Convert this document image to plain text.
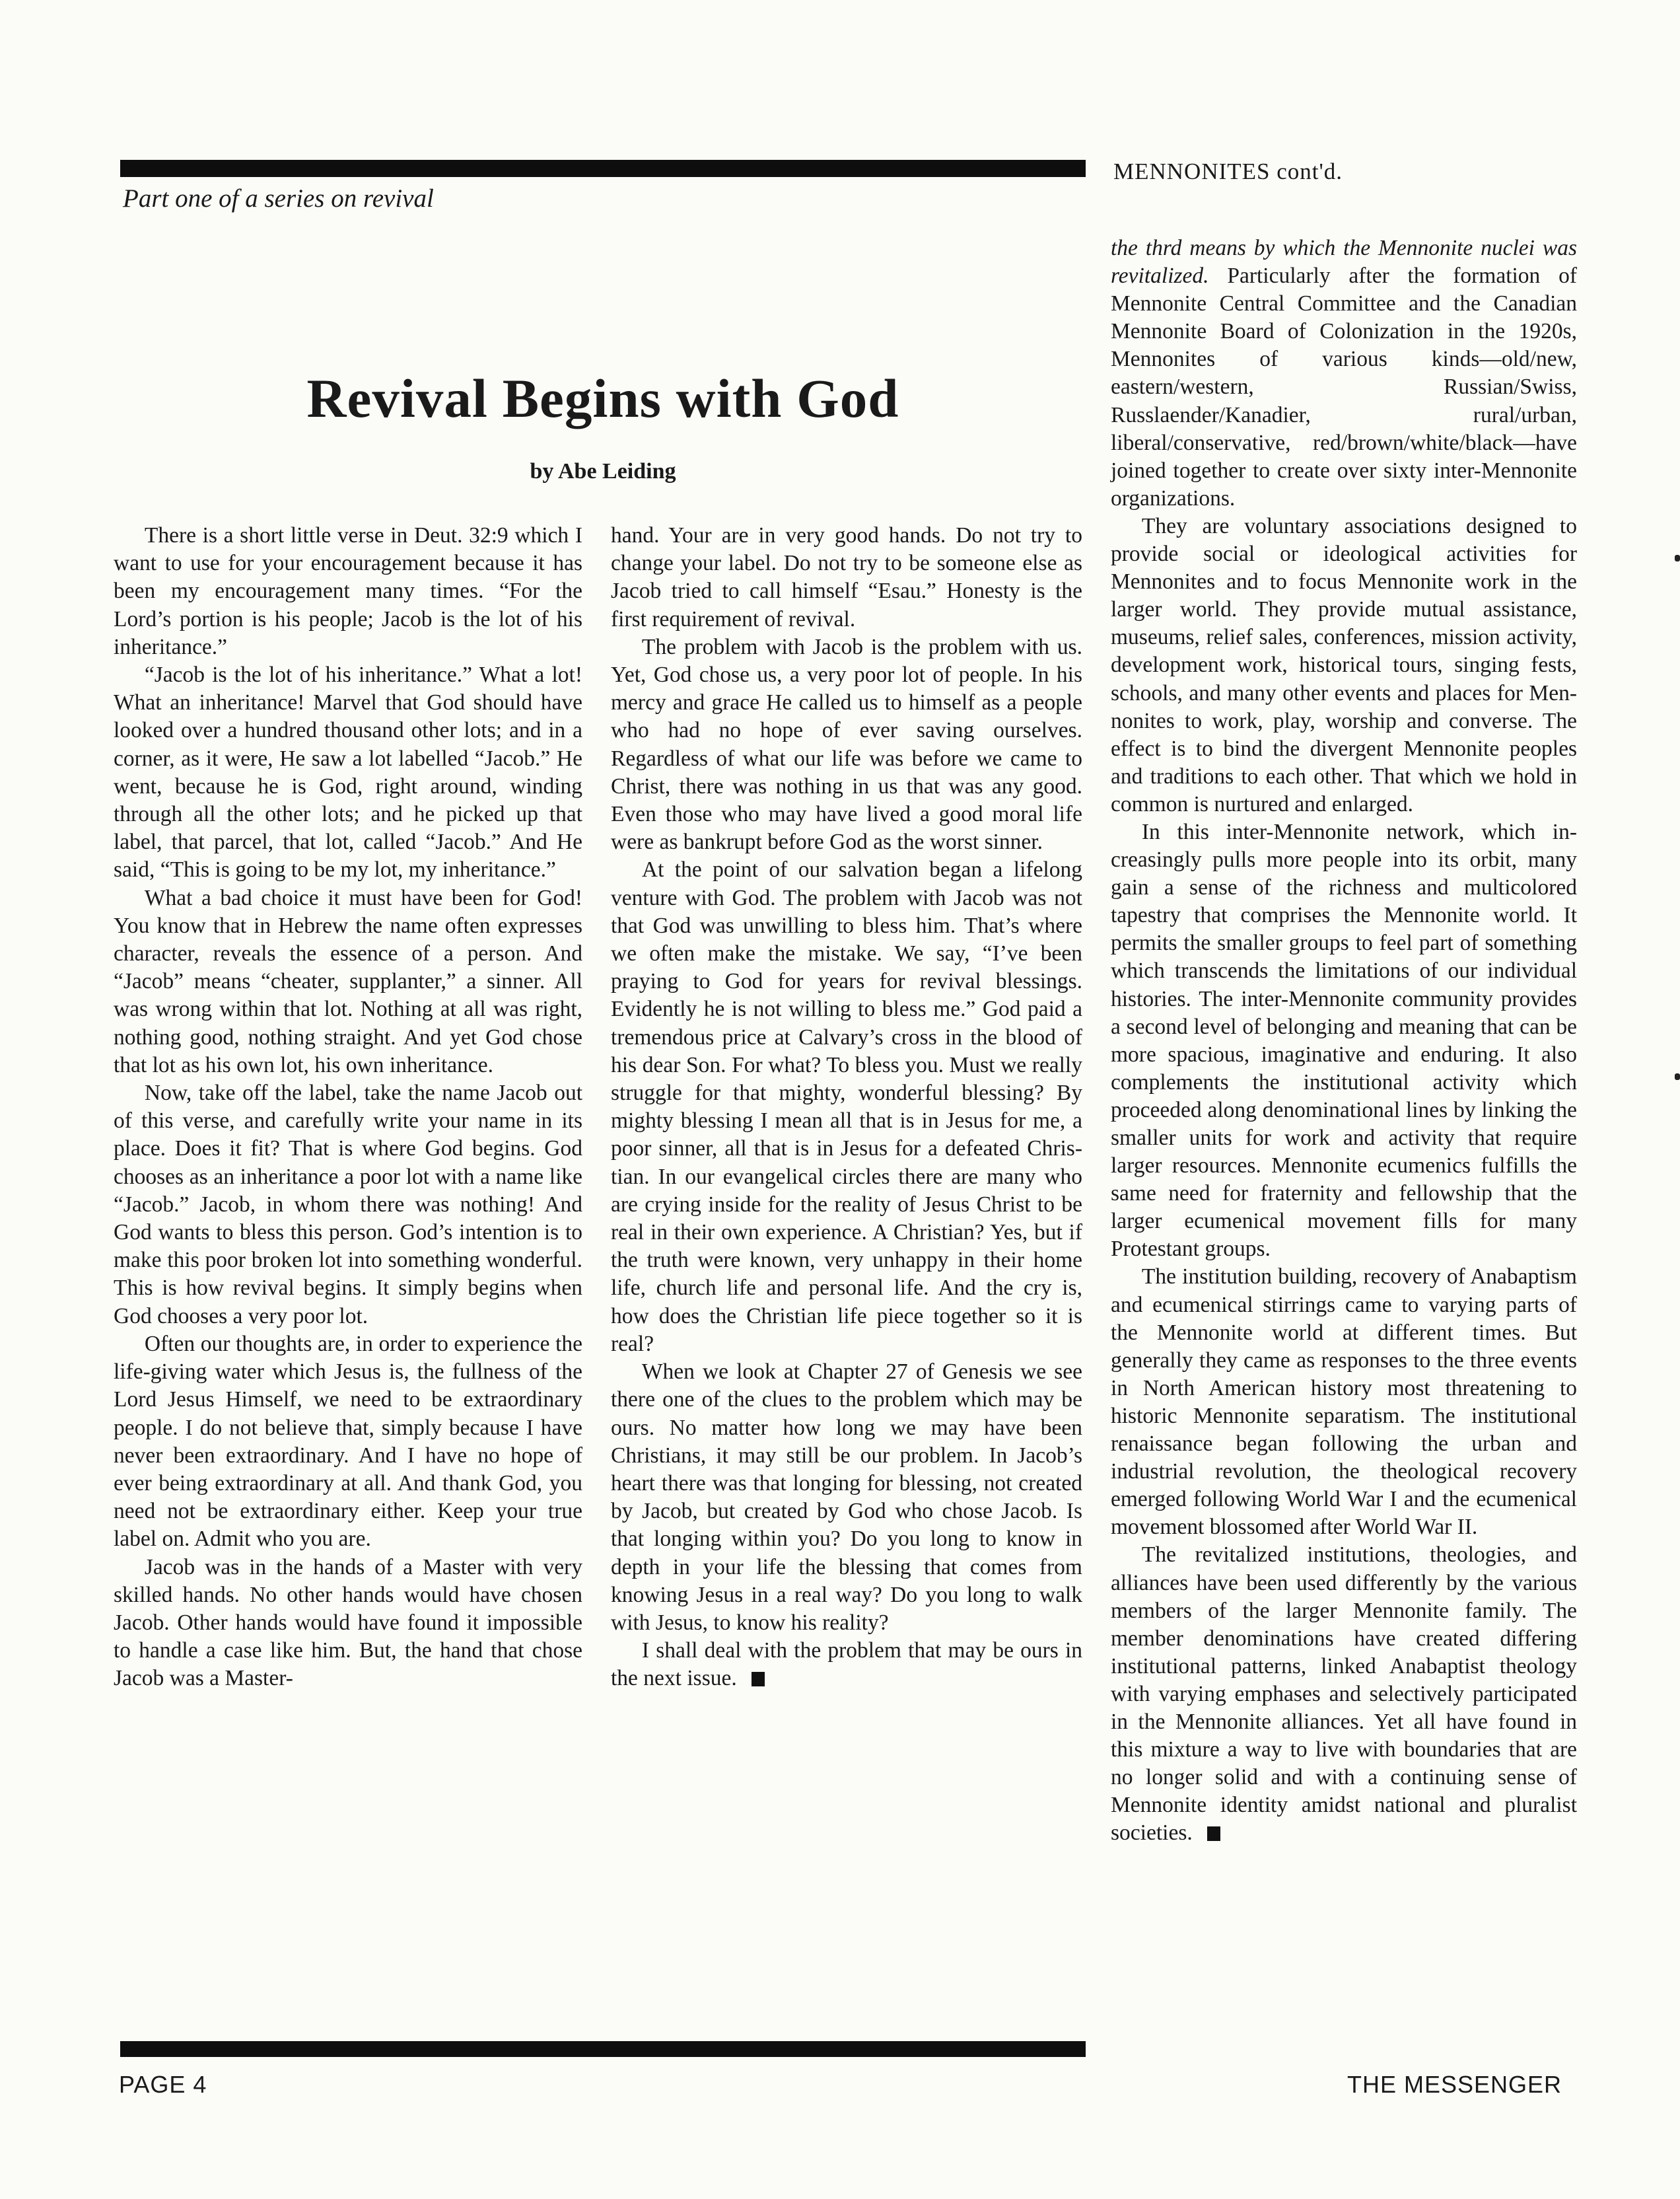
Part one of a series on revival
MENNONITES cont'd.
Revival Begins with God
by Abe Leiding

There is a short little verse in Deut. 32:9 which I want to use for your encouragement because it has been my encouragement many times. “For the Lord’s portion is his people; Jacob is the lot of his inheritance.”

“Jacob is the lot of his inheritance.” What a lot! What an inheritance! Marvel that God should have looked over a hundred thousand other lots; and in a corner, as it were, He saw a lot labelled “Jacob.” He went, because he is God, right around, winding through all the other lots; and he picked up that label, that parcel, that lot, called “Jacob.” And He said, “This is going to be my lot, my inheritance.”

What a bad choice it must have been for God! You know that in Hebrew the name often expresses character, reveals the essence of a person. And “Jacob” means “cheater, supplanter,” a sinner. All was wrong within that lot. Nothing at all was right, nothing good, nothing straight. And yet God chose that lot as his own lot, his own inheritance.

Now, take off the label, take the name Jacob out of this verse, and carefully write your name in its place. Does it fit? That is where God begins. God chooses as an inheritance a poor lot with a name like “Jacob.” Jacob, in whom there was nothing! And God wants to bless this person. God’s intention is to make this poor broken lot into something wonderful. This is how revival begins. It simply begins when God chooses a very poor lot.

Often our thoughts are, in order to experience the life-giving water which Jesus is, the fullness of the Lord Jesus Himself, we need to be extraordinary people. I do not believe that, simply because I have never been extraordinary. And I have no hope of ever being extraordinary at all. And thank God, you need not be extraordinary either. Keep your true label on. Admit who you are.

Jacob was in the hands of a Master with very skilled hands. No other hands would have chosen Jacob. Other hands would have found it impossible to handle a case like him. But, the hand that chose Jacob was a Master-

hand. Your are in very good hands. Do not try to change your label. Do not try to be someone else as Jacob tried to call himself “Esau.” Honesty is the first requirement of revival.

The problem with Jacob is the problem with us. Yet, God chose us, a very poor lot of people. In his mercy and grace He called us to himself as a people who had no hope of ever saving ourselves. Regardless of what our life was before we came to Christ, there was nothing in us that was any good. Even those who may have lived a good moral life were as bankrupt before God as the worst sinner.

At the point of our salvation began a lifelong venture with God. The problem with Jacob was not that God was unwilling to bless him. That’s where we often make the mistake. We say, “I’ve been praying to God for years for revival blessings. Evidently he is not willing to bless me.” God paid a tremendous price at Calvary’s cross in the blood of his dear Son. For what? To bless you. Must we really struggle for that mighty, wonderful blessing? By mighty blessing I mean all that is in Jesus for me, a poor sinner, all that is in Jesus for a defeated Christian. In our evangelical circles there are many who are crying inside for the reality of Jesus Christ to be real in their own experience. A Christian? Yes, but if the truth were known, very unhappy in their home life, church life and personal life. And the cry is, how does the Christian life piece together so it is real?

When we look at Chapter 27 of Genesis we see there one of the clues to the problem which may be ours. No matter how long we may have been Christians, it may still be our problem. In Jacob’s heart there was that longing for blessing, not created by Jacob, but created by God who chose Jacob. Is that longing within you? Do you long to know in depth in your life the blessing that comes from knowing Jesus in a real way? Do you long to walk with Jesus, to know his reality?

I shall deal with the problem that may be ours in the next issue.

the thrd means by which the Mennonite nuclei was revitalized. Particularly after the formation of Mennonite Central Committee and the Canadian Mennonite Board of Colonization in the 1920s, Mennonites of various kinds—old/new, eastern/western, Russian/Swiss, Russlaender/Kanadier, rural/urban, liberal/conservative, red/brown/white/black—have joined together to create over sixty inter-Mennonite organizations.

They are voluntary associations designed to provide social or ideological activities for Mennonites and to focus Mennonite work in the larger world. They provide mutual assistance, museums, relief sales, conferences, mission activity, development work, historical tours, singing fests, schools, and many other events and places for Mennonites to work, play, worship and converse. The effect is to bind the divergent Mennonite peoples and traditions to each other. That which we hold in common is nurtured and enlarged.

In this inter-Mennonite network, which increasingly pulls more people into its orbit, many gain a sense of the richness and multicolored tapestry that comprises the Mennonite world. It permits the smaller groups to feel part of something which transcends the limitations of our individual histories. The inter-Mennonite community provides a second level of belonging and meaning that can be more spacious, imaginative and enduring. It also complements the institutional activity which proceeded along denominational lines by linking the smaller units for work and activity that require larger resources. Mennonite ecumenics fulfills the same need for fraternity and fellowship that the larger ecumenical movement fills for many Protestant groups.

The institution building, recovery of Anabaptism and ecumenical stirrings came to varying parts of the Mennonite world at different times. But generally they came as responses to the three events in North American history most threatening to historic Mennonite separatism. The institutional renaissance began following the urban and industrial revolution, the theological recovery emerged following World War I and the ecumenical movement blossomed after World War II.

The revitalized institutions, theologies, and alliances have been used differently by the various members of the larger Mennonite family. The member denominations have created differing institutional patterns, linked Anabaptist theology with varying emphases and selectively participated in the Mennonite alliances. Yet all have found in this mixture a way to live with boundaries that are no longer solid and with a continuing sense of Mennonite identity amidst national and pluralist societies.

PAGE 4	THE MESSENGER
